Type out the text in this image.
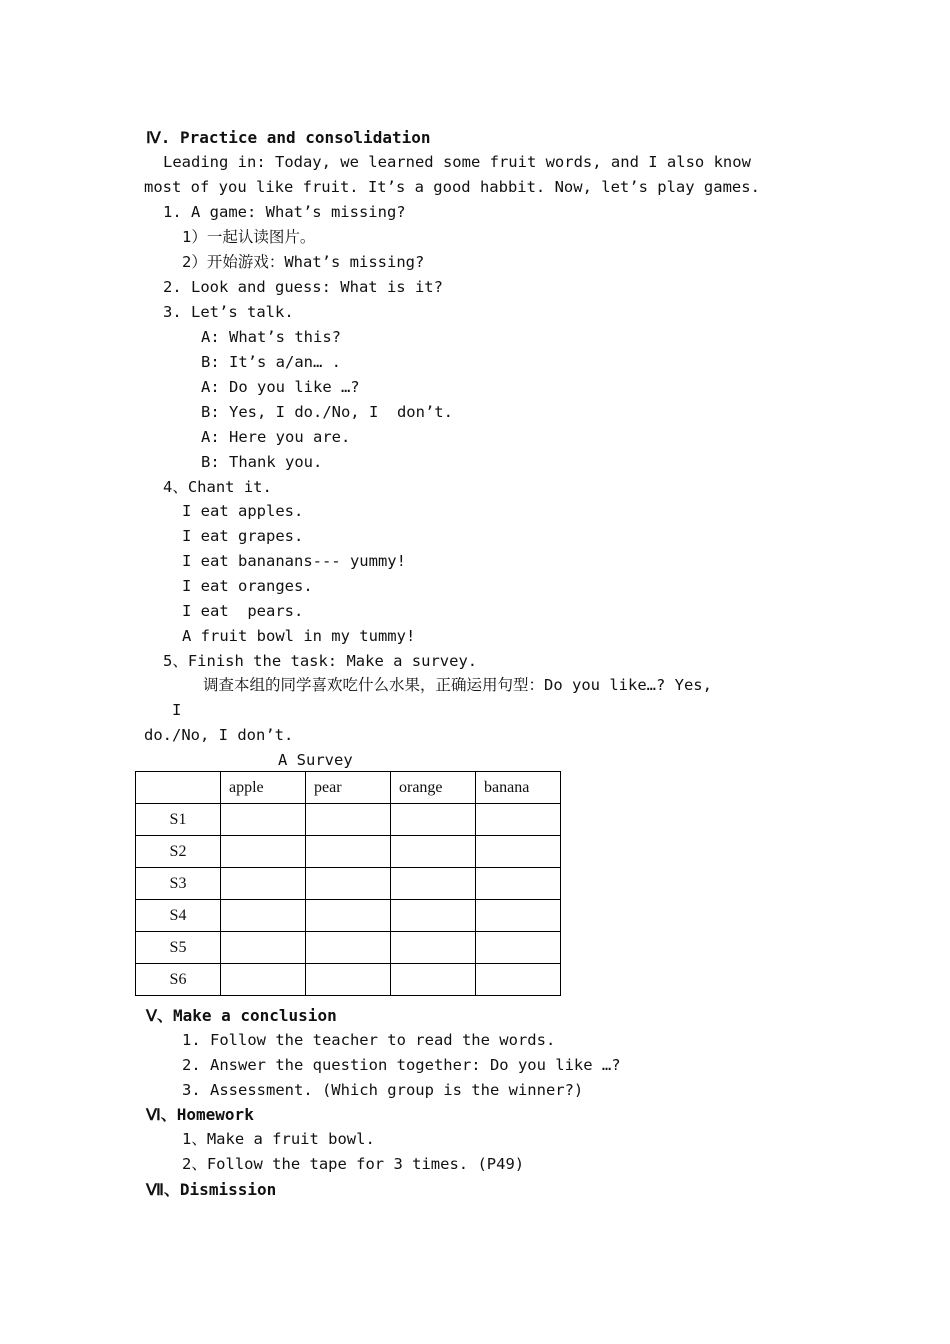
Ⅳ. Practice and consolidation
Leading in: Today, we learned some fruit words, and I also know
most of you like fruit. It’s a good habbit. Now, let’s play games.
1. A game: What’s missing?
1）一起认读图片。
2）开始游戏：What’s missing?
2. Look and guess: What is it?
3. Let’s talk.
A: What’s this?
B: It’s a/an… .
A: Do you like …?
B: Yes, I do./No, I  don’t.
A: Here you are.
B: Thank you.
4、Chant it.
I eat apples.
I eat grapes.
I eat bananans--- yummy!
I eat oranges.
I eat  pears.
A fruit bowl in my tummy!
5、Finish the task: Make a survey.
调查本组的同学喜欢吃什么水果，正确运用句型：Do you like…? Yes,
I
do./No, I don’t.
A Survey
	apple	pear	orange	banana
S1				
S2				
S3				
S4				
S5				
S6				
Ⅴ、Make a conclusion
1. Follow the teacher to read the words.
2. Answer the question together: Do you like …?
3. Assessment. (Which group is the winner?)
Ⅵ、Homework
1、Make a fruit bowl.
2、Follow the tape for 3 times. (P49)
Ⅶ、Dismission
